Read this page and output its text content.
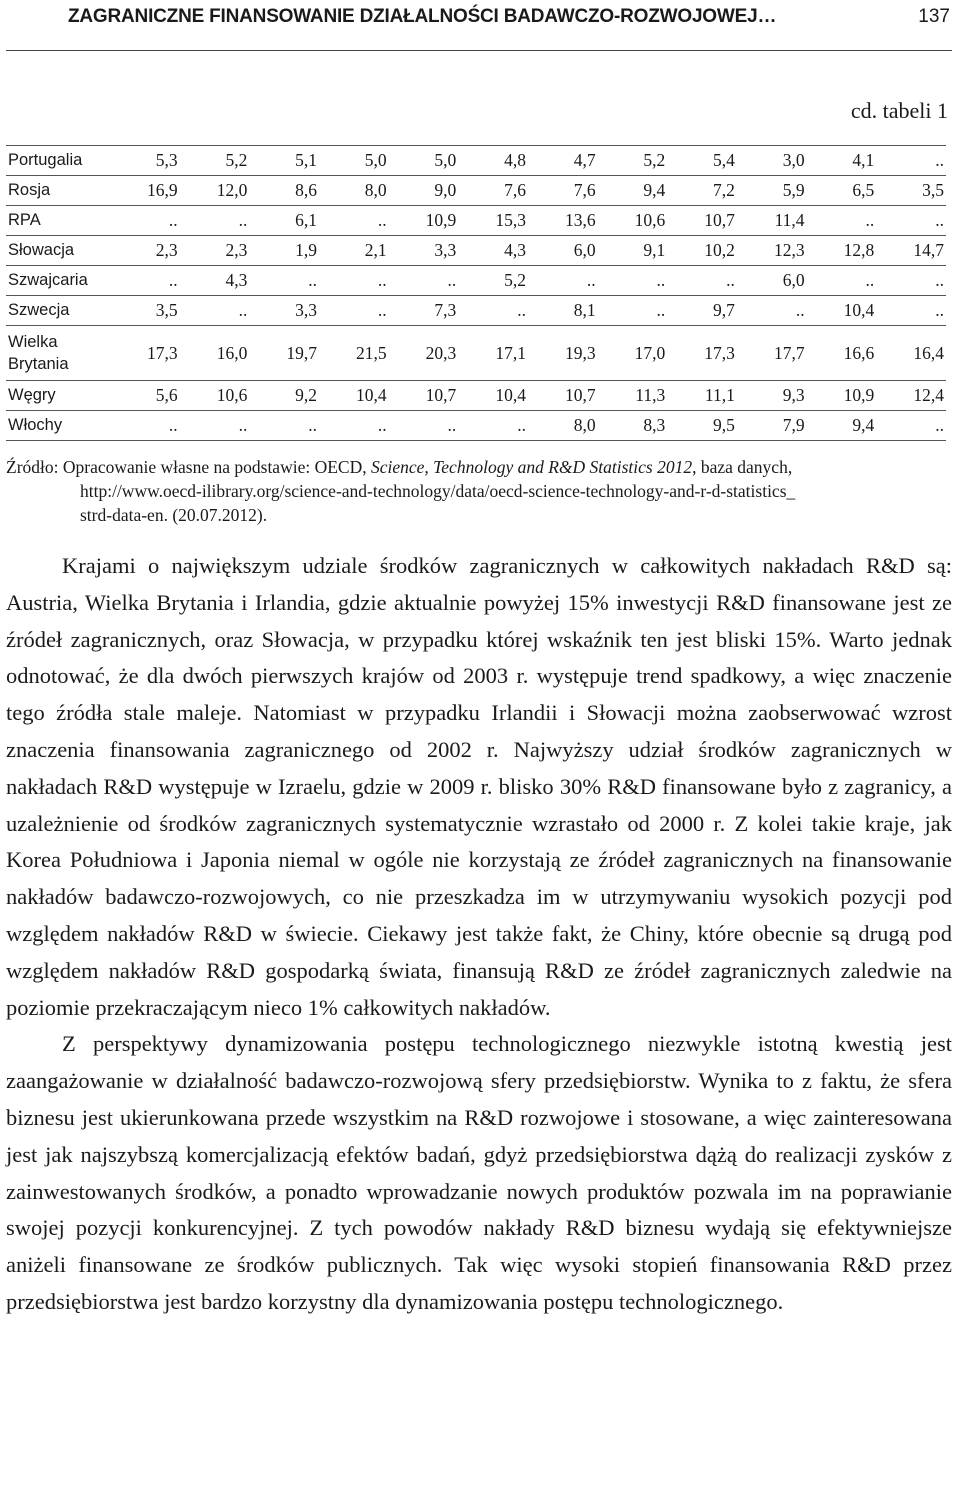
ZAGRANICZNE FINANSOWANIE DZIAŁALNOŚCI BADAWCZO-ROZWOJOWEJ…	137
cd. tabeli 1
Portugalia	5,3	5,2	5,1	5,0	5,0	4,8	4,7	5,2	5,4	3,0	4,1	..
Rosja	16,9	12,0	8,6	8,0	9,0	7,6	7,6	9,4	7,2	5,9	6,5	3,5
RPA	..	..	6,1	..	10,9	15,3	13,6	10,6	10,7	11,4	..	..
Słowacja	2,3	2,3	1,9	2,1	3,3	4,3	6,0	9,1	10,2	12,3	12,8	14,7
Szwajcaria	..	4,3	..	..	..	5,2	..	..	..	6,0	..	..
Szwecja	3,5	..	3,3	..	7,3	..	8,1	..	9,7	..	10,4	..
Wielka
Brytania	17,3	16,0	19,7	21,5	20,3	17,1	19,3	17,0	17,3	17,7	16,6	16,4
Węgry	5,6	10,6	9,2	10,4	10,7	10,4	10,7	11,3	11,1	9,3	10,9	12,4
Włochy	..	..	..	..	..	..	8,0	8,3	9,5	7,9	9,4	..
Źródło: Opracowanie własne na podstawie: OECD, Science, Technology and R&D Statistics 2012, baza danych,
http://www.oecd-ilibrary.org/science-and-technology/data/oecd-science-technology-and-r-d-statistics_
strd-data-en. (20.07.2012).

Krajami o największym udziale środków zagranicznych w całkowitych nakładach R&D są: Austria, Wielka Brytania i Irlandia, gdzie aktualnie powyżej 15% inwestycji R&D finansowane jest ze źródeł zagranicznych, oraz Słowacja, w przypadku której wskaźnik ten jest bliski 15%. Warto jednak odnotować, że dla dwóch pierwszych krajów od 2003 r. występuje trend spadkowy, a więc znaczenie tego źródła stale maleje. Natomiast w przypadku Irlandii i Słowacji można zaobserwować wzrost znaczenia finansowania zagranicznego od 2002 r. Najwyższy udział środków zagranicznych w nakładach R&D występuje w Izraelu, gdzie w 2009 r. blisko 30% R&D finansowane było z zagranicy, a uzależnienie od środków zagranicznych systematycznie wzrastało od 2000 r. Z kolei takie kraje, jak Korea Południowa i Japonia niemal w ogóle nie korzystają ze źródeł zagranicznych na finansowanie nakładów badawczo-rozwojowych, co nie przeszkadza im w utrzymywaniu wysokich pozycji pod względem nakładów R&D w świecie. Ciekawy jest także fakt, że Chiny, które obecnie są drugą pod względem nakładów R&D gospodarką świata, finansują R&D ze źródeł zagranicznych zaledwie na poziomie przekraczającym nieco 1% całkowitych nakładów.

Z perspektywy dynamizowania postępu technologicznego niezwykle istotną kwestią jest zaangażowanie w działalność badawczo-rozwojową sfery przedsiębiorstw. Wynika to z faktu, że sfera biznesu jest ukierunkowana przede wszystkim na R&D rozwojowe i stosowane, a więc zainteresowana jest jak najszybszą komercjalizacją efektów badań, gdyż przedsiębiorstwa dążą do realizacji zysków z zainwestowanych środków, a ponadto wprowadzanie nowych produktów pozwala im na poprawianie swojej pozycji konkurencyjnej. Z tych powodów nakłady R&D biznesu wydają się efektywniejsze aniżeli finansowane ze środków publicznych. Tak więc wysoki stopień finansowania R&D przez przedsiębiorstwa jest bardzo korzystny dla dynamizowania postępu technologicznego.
